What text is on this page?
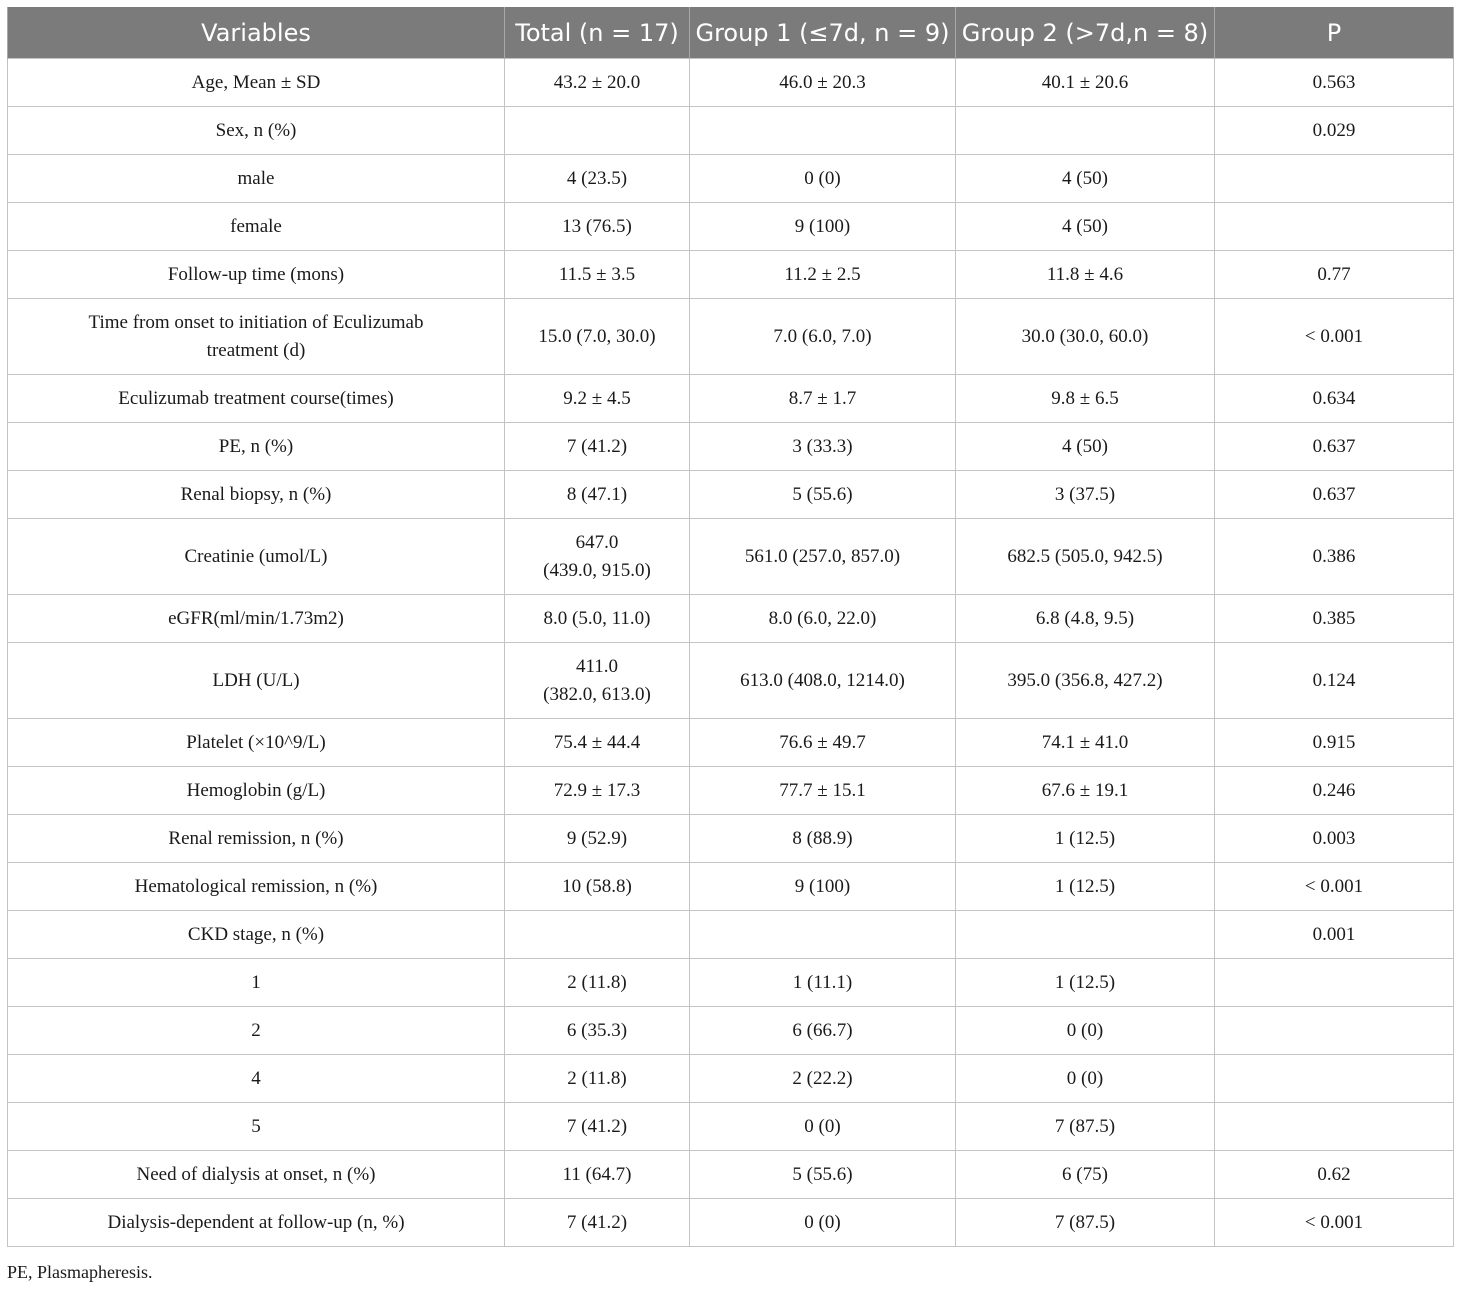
Variables	Total (n = 17)	Group 1 (≤7d, n = 9)	Group 2 (>7d,n = 8)	P

Age, Mean ± SD	43.2 ± 20.0	46.0 ± 20.3	40.1 ± 20.6	0.563

Sex, n (%)				0.029

male	4 (23.5)	0 (0)	4 (50)	

female	13 (76.5)	9 (100)	4 (50)	

Follow-up time (mons)	11.5 ± 3.5	11.2 ± 2.5	11.8 ± 4.6	0.77

Time from onset to initiation of Eculizumab
treatment (d)	15.0 (7.0, 30.0)	7.0 (6.0, 7.0)	30.0 (30.0, 60.0)	< 0.001

Eculizumab treatment course(times)	9.2 ± 4.5	8.7 ± 1.7	9.8 ± 6.5	0.634

PE, n (%)	7 (41.2)	3 (33.3)	4 (50)	0.637

Renal biopsy, n (%)	8 (47.1)	5 (55.6)	3 (37.5)	0.637

Creatinie (umol/L)	647.0
(439.0, 915.0)	561.0 (257.0, 857.0)	682.5 (505.0, 942.5)	0.386

eGFR(ml/min/1.73m2)	8.0 (5.0, 11.0)	8.0 (6.0, 22.0)	6.8 (4.8, 9.5)	0.385

LDH (U/L)	411.0
(382.0, 613.0)	613.0 (408.0, 1214.0)	395.0 (356.8, 427.2)	0.124

Platelet (×10^9/L)	75.4 ± 44.4	76.6 ± 49.7	74.1 ± 41.0	0.915

Hemoglobin (g/L)	72.9 ± 17.3	77.7 ± 15.1	67.6 ± 19.1	0.246

Renal remission, n (%)	9 (52.9)	8 (88.9)	1 (12.5)	0.003

Hematological remission, n (%)	10 (58.8)	9 (100)	1 (12.5)	< 0.001

CKD stage, n (%)				0.001

1	2 (11.8)	1 (11.1)	1 (12.5)	

2	6 (35.3)	6 (66.7)	0 (0)	

4	2 (11.8)	2 (22.2)	0 (0)	

5	7 (41.2)	0 (0)	7 (87.5)	

Need of dialysis at onset, n (%)	11 (64.7)	5 (55.6)	6 (75)	0.62

Dialysis-dependent at follow-up (n, %)	7 (41.2)	0 (0)	7 (87.5)	< 0.001
PE, Plasmapheresis.
